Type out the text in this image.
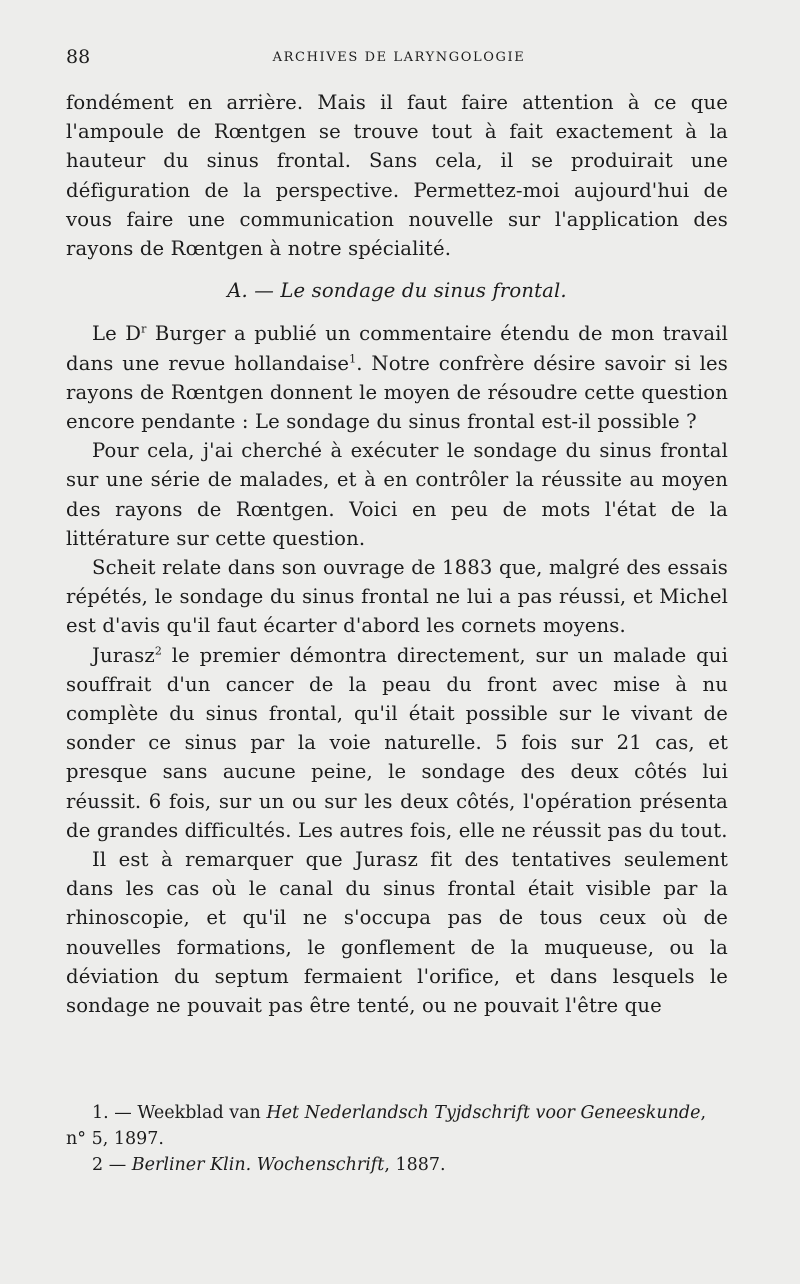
88	ARCHIVES DE LARYNGOLOGIE

fondément en arrière. Mais il faut faire attention à ce que l'ampoule de Rœntgen se trouve tout à fait exactement à la hauteur du sinus frontal. Sans cela, il se produirait une défiguration de la perspective. Permettez-moi aujourd'hui de vous faire une communication nouvelle sur l'application des rayons de Rœntgen à notre spécialité.

A. — Le sondage du sinus frontal.

Le $D^r$ Burger a publié un commentaire étendu de mon travail dans une revue hollandaise$^1$. Notre confrère désire savoir si les rayons de Rœntgen donnent le moyen de résoudre cette question encore pendante : Le sondage du sinus frontal est-il possible ?

Pour cela, j'ai cherché à exécuter le sondage du sinus frontal sur une série de malades, et à en contrôler la réussite au moyen des rayons de Rœntgen. Voici en peu de mots l'état de la littérature sur cette question.

Scheit relate dans son ouvrage de 1883 que, malgré des essais répétés, le sondage du sinus frontal ne lui a pas réussi, et Michel est d'avis qu'il faut écarter d'abord les cornets moyens.

Jurasz$^2$ le premier démontra directement, sur un malade qui souffrait d'un cancer de la peau du front avec mise à nu complète du sinus frontal, qu'il était possible sur le vivant de sonder ce sinus par la voie naturelle. 5 fois sur 21 cas, et presque sans aucune peine, le sondage des deux côtés lui réussit. 6 fois, sur un ou sur les deux côtés, l'opération présenta de grandes difficultés. Les autres fois, elle ne réussit pas du tout.

Il est à remarquer que Jurasz fit des tentatives seulement dans les cas où le canal du sinus frontal était visible par la rhinoscopie, et qu'il ne s'occupa pas de tous ceux où de nouvelles formations, le gonflement de la muqueuse, ou la déviation du septum fermaient l'orifice, et dans lesquels le sondage ne pouvait pas être tenté, ou ne pouvait l'être que

1. — Weekblad van Het Nederlandsch Tyjdschrift voor Geneeskunde, n° 5, 1897.

2 — Berliner Klin. Wochenschrift, 1887.
